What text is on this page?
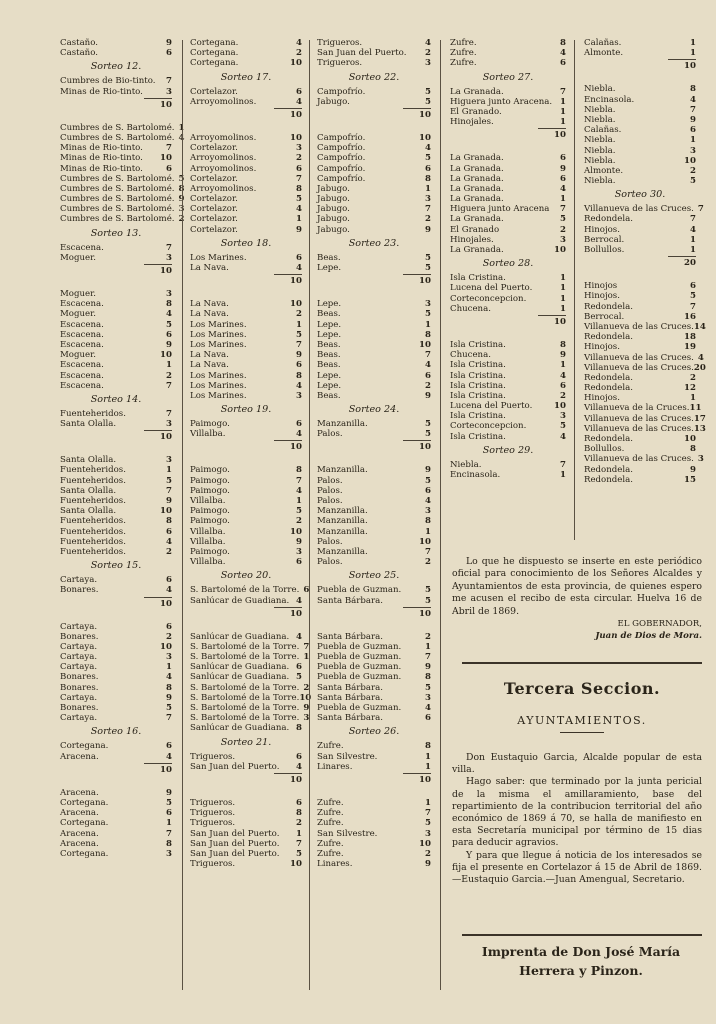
Castaño.	9
Castaño.	6
Sorteo 12.
Cumbres de Bio-tinto.	7
Minas de Rio-tinto.	3
10
Cumbres de S. Bartolomé. 1
Cumbres de S. Bartolomé. 4
Minas de Rio-tinto.	7
Minas de Rio-tinto. 10
Minas de Rio-tinto.	6
Cumbres de S. Bartolomé. 5
Cumbres de S. Bartolomé. 8
Cumbres de S. Bartolomé. 9
Cumbres de S. Bartolomé. 3
Cumbres de S. Bartolomé. 2
Sorteo 13.
Escacena.	7
Moguer.	3
10
Moguer.	3
Escacena.	8
Moguer.	4
Escacena.	5
Escacena.	6
Escacena.	9
Moguer.	10
Escacena.	1
Escacena.	2
Escacena.	7
Sorteo 14.
Fuenteheridos.	7
Santa Olalla.	3
10
Santa Olalla.	3
Fuenteheridos.	1
Fuenteheridos.	5
Santa Olalla.	7
Fuenteheridos.	9
Santa Olalla.	10
Fuenteheridos.	8
Fuenteheridos.	6
Fuenteheridos.	4
Fuenteheridos.	2
Sorteo 15.
Cartaya.	6
Bonares.	4
10
Cartaya.	6
Bonares.	2
Cartaya.	10
Cartaya.	3
Cartaya.	1
Bonares.	4
Bonares.	8
Cartaya.	9
Bonares.	5
Cartaya.	7
Sorteo 16.
Cortegana.	6
Aracena.	4
10
Aracena.	9
Cortegana.	5
Aracena.	6
Cortegana.	1
Aracena.	7
Aracena.	8
Cortegana.	3
Cortegana.	4
Cortegana.	2
Cortegana.	10
Sorteo 17.
Cortelazor.	6
Arroyomolinos.	4
10
Arroyomolinos.	10
Cortelazor.	3
Arroyomolinos.	2
Arroyomolinos.	6
Cortelazor.	7
Arroyomolinos.	8
Cortelazor.	5
Cortelazor.	4
Cortelazor.	1
Cortelazor.	9
Sorteo 18.
Los Marines.	6
La Nava.	4
10
La Nava.	10
La Nava.	2
Los Marines.	1
Los Marines.	5
Los Marines.	7
La Nava.	9
La Nava.	6
Los Marines.	8
Los Marines.	4
Los Marines.	3
Sorteo 19.
Paimogo.	6
Villalba.	4
10
Paimogo.	8
Paimogo.	7
Paimogo.	4
Villalba.	1
Paimogo.	5
Paimogo.	2
Villalba.	10
Villalba.	9
Paimogo.	3
Villalba.	6
Sorteo 20.
S. Bartolomé de la Torre. 6
Sanlúcar de Guadiana. 4
10
Sanlúcar de Guadiana. 4
S. Bartolomé de la Torre. 7
S. Bartolomé de la Torre. 1
Sanlúcar de Guadiana. 6
Sanlúcar de Guadiana. 5
S. Bartolomé de la Torre. 2
S. Bartolomé de la Torre. 10
S. Bartolomé de la Torre. 9
S. Bartolomé de la Torre. 3
Sanlúcar de Guadiana. 8
Sorteo 21.
Trigueros.	6
San Juan del Puerto.	4
10
Trigueros.	6
Trigueros.	8
Trigueros.	2
San Juan del Puerto.	1
San Juan del Puerto.	7
San Juan del Puerto.	5
Trigueros.	10
Trigueros.	4
San Juan del Puerto.	2
Trigueros.	3
Sorteo 22.
Campofrío.	5
Jabugo.	5
10
Campofrío.	10
Campofrío.	4
Campofrío.	5
Campofrío.	6
Campofrío.	8
Jabugo.	1
Jabugo.	3
Jabugo.	7
Jabugo.	2
Jabugo.	9
Sorteo 23.
Beas.	5
Lepe.	5
10
Lepe.	3
Beas.	5
Lepe.	1
Lepe.	8
Beas.	10
Beas.	7
Beas.	4
Lepe.	6
Lepe.	2
Beas.	9
Sorteo 24.
Manzanilla.	5
Palos.	5
10
Manzanilla.	9
Palos.	5
Palos.	6
Palos.	4
Manzanilla.	3
Manzanilla.	8
Manzanilla.	1
Palos.	10
Manzanilla.	7
Palos.	2
Sorteo 25.
Puebla de Guzman.	5
Santa Bárbara.	5
10
Santa Bárbara.	2
Puebla de Guzman.	1
Puebla de Guzman.	7
Puebla de Guzman.	9
Puebla de Guzman.	8
Santa Bárbara.	5
Santa Bárbara.	3
Puebla de Guzman.	4
Santa Bárbara.	6
Sorteo 26.
Zufre.	8
San Silvestre.	1
Linares.	1
10
Zufre.	1
Zufre.	7
Zufre.	5
San Silvestre.	3
Zufre.	10
Zufre.	2
Linares.	9
Zufre.	8
Zufre.	4
Zufre.	6
Sorteo 27.
La Granada.	7
Higuera junto Aracena. 1
El Granado.	1
Hinojales.	1
10
La Granada.	6
La Granada.	9
La Granada.	6
La Granada.	4
La Granada.	1
Higuera junto Aracena	7
La Granada.	5
El Granado	2
Hinojales.	3
La Granada.	10
Sorteo 28.
Isla Cristina.	1
Lucena del Puerto.	1
Corteconcepcion.	1
Chucena.	1
10
Isla Cristina.	8
Chucena.	9
Isla Cristina.	1
Isla Cristina.	4
Isla Cristina.	6
Isla Cristina.	2
Lucena del Puerto.	10
Isla Cristina.	3
Corteconcepcion.	5
Isla Cristina.	4
Sorteo 29.
Niebla.	7
Encinasola.	1
Calañas.	1
Almonte.	1
10
Niebla.	8
Encinasola.	4
Niebla.	7
Niebla.	9
Calañas.	6
Niebla.	1
Niebla.	3
Niebla.	10
Almonte.	2
Niebla.	5
Sorteo 30.
Villanueva de las Cruces. 7
Redondela.	7
Hinojos.	4
Berrocal.	1
Bollullos.	1
20
Hinojos	6
Hinojos.	5
Redondela.	7
Berrocal.	16
Villanueva de las Cruces. 14
Redondela.	18
Hinojos.	19
Villanueva de las Cruces. 4
Villanueva de las Cruces. 20
Redondela.	2
Redondela.	12
Hinojos.	1
Villanueva de la Cruces. 11
Villanueva de las Cruces. 17
Villanueva de las Cruces. 13
Redondela.	10
Bollullos.	8
Villanueva de las Cruces. 3
Redondela.	9
Redondela.	15

Lo que he dispuesto se inserte en este periódico oficial para conocimiento de los Señores Alcaldes y Ayuntamientos de esta provincia, de quienes espero me acusen el recibo de esta circular. Huelva 16 de Abril de 1869.

EL GOBERNADOR,
Juan de Dios de Mora.
Tercera Seccion.
AYUNTAMIENTOS.

Don Eustaquio Garcia, Alcalde popular de esta villa.

Hago saber: que terminado por la junta pericial de la misma el amillaramiento, base del repartimiento de la contribucion territorial del año económico de 1869 á 70, se halla de manifiesto en esta Secretaría municipal por término de 15 dias para deducir agravios.

Y para que llegue á noticia de los interesados se fija el presente en Cortelazor á 15 de Abril de 1869.—Eustaquio Garcia.—Juan Amengual, Secretario.

Imprenta de Don José María
Herrera y Pinzon.
